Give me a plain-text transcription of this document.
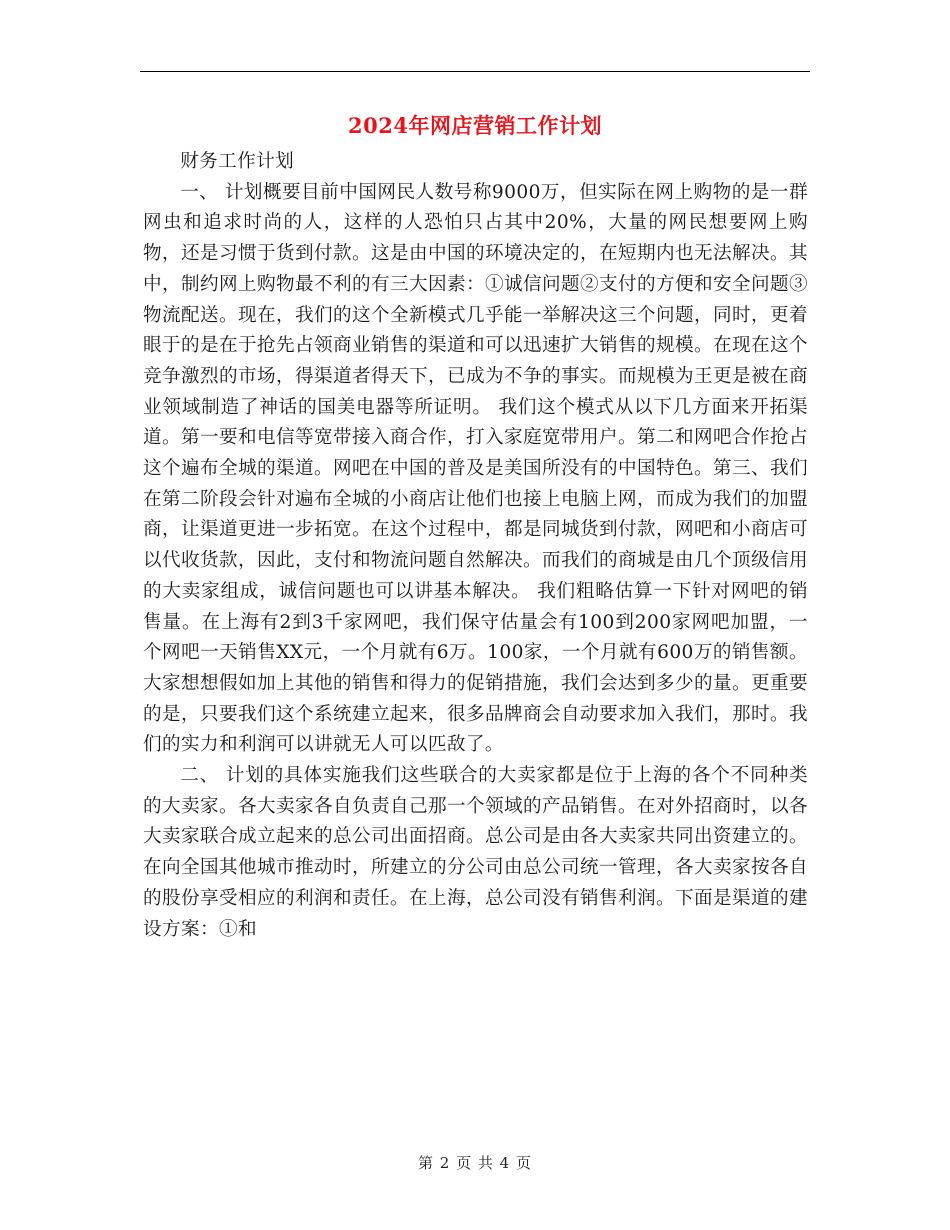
2024年网店营销工作计划

财务工作计划

一、 计划概要目前中国网民人数号称9000万，但实际在网上购物的是一群网虫和追求时尚的人，这样的人恐怕只占其中20%，大量的网民想要网上购物，还是习惯于货到付款。这是由中国的环境决定的，在短期内也无法解决。其中，制约网上购物最不利的有三大因素：①诚信问题②支付的方便和安全问题③物流配送。现在，我们的这个全新模式几乎能一举解决这三个问题，同时，更着眼于的是在于抢先占领商业销售的渠道和可以迅速扩大销售的规模。在现在这个竞争激烈的市场，得渠道者得天下，已成为不争的事实。而规模为王更是被在商业领域制造了神话的国美电器等所证明。 我们这个模式从以下几方面来开拓渠道。第一要和电信等宽带接入商合作，打入家庭宽带用户。第二和网吧合作抢占这个遍布全城的渠道。网吧在中国的普及是美国所没有的中国特色。第三、我们在第二阶段会针对遍布全城的小商店让他们也接上电脑上网，而成为我们的加盟商，让渠道更进一步拓宽。在这个过程中，都是同城货到付款，网吧和小商店可以代收货款，因此，支付和物流问题自然解决。而我们的商城是由几个顶级信用的大卖家组成，诚信问题也可以讲基本解决。 我们粗略估算一下针对网吧的销售量。在上海有2到3千家网吧，我们保守估量会有100到200家网吧加盟，一个网吧一天销售XX元，一个月就有6万。100家，一个月就有600万的销售额。大家想想假如加上其他的销售和得力的促销措施，我们会达到多少的量。更重要的是，只要我们这个系统建立起来，很多品牌商会自动要求加入我们，那时。我们的实力和利润可以讲就无人可以匹敌了。

二、 计划的具体实施我们这些联合的大卖家都是位于上海的各个不同种类的大卖家。各大卖家各自负责自己那一个领域的产品销售。在对外招商时，以各大卖家联合成立起来的总公司出面招商。总公司是由各大卖家共同出资建立的。在向全国其他城市推动时，所建立的分公司由总公司统一管理，各大卖家按各自的股份享受相应的利润和责任。在上海，总公司没有销售利润。下面是渠道的建设方案：①和

第 2 页 共 4 页
